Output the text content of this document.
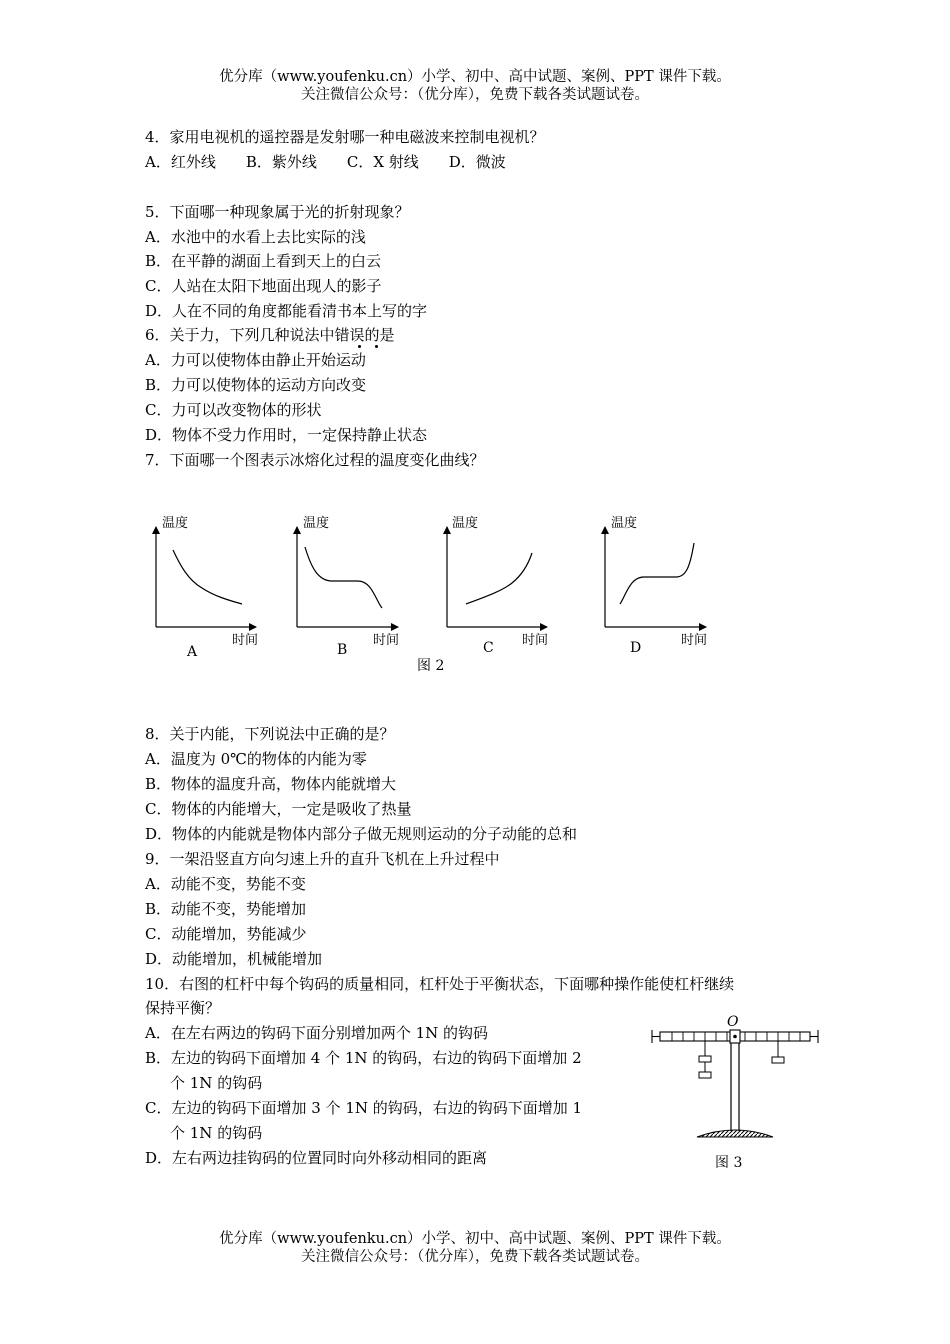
优分库（www.youfenku.cn）小学、初中、高中试题、案例、PPT 课件下载。
关注微信公众号：（优分库），免费下载各类试题试卷。
4．家用电视机的遥控器是发射哪一种电磁波来控制电视机？
A．红外线　　B．紫外线　　C．X 射线　　D．微波
5．下面哪一种现象属于光的折射现象？
A．水池中的水看上去比实际的浅
B．在平静的湖面上看到天上的白云
C．人站在太阳下地面出现人的影子
D．人在不同的角度都能看清书本上写的字
6．关于力，下列几种说法中错误的是
A．力可以使物体由静止开始运动
B．力可以使物体的运动方向改变
C．力可以改变物体的形状
D．物体不受力作用时，一定保持静止状态
7．下面哪一个图表示冰熔化过程的温度变化曲线？
温度
时间
A
温度
时间
B
温度
时间
C
温度
时间
D
图 2
8．关于内能，下列说法中正确的是？
A．温度为 0℃的物体的内能为零
B．物体的温度升高，物体内能就增大
C．物体的内能增大，一定是吸收了热量
D．物体的内能就是物体内部分子做无规则运动的分子动能的总和
9．一架沿竖直方向匀速上升的直升飞机在上升过程中
A．动能不变，势能不变
B．动能不变，势能增加
C．动能增加，势能减少
D．动能增加，机械能增加
10．右图的杠杆中每个钩码的质量相同，杠杆处于平衡状态，下面哪种操作能使杠杆继续
保持平衡？
A．在左右两边的钩码下面分别增加两个 1N 的钩码
B．左边的钩码下面增加 4 个 1N 的钩码，右边的钩码下面增加 2
个 1N 的钩码
C．左边的钩码下面增加 3 个 1N 的钩码，右边的钩码下面增加 1
个 1N 的钩码
D．左右两边挂钩码的位置同时向外移动相同的距离
O
图 3
优分库（www.youfenku.cn）小学、初中、高中试题、案例、PPT 课件下载。
关注微信公众号：（优分库），免费下载各类试题试卷。
